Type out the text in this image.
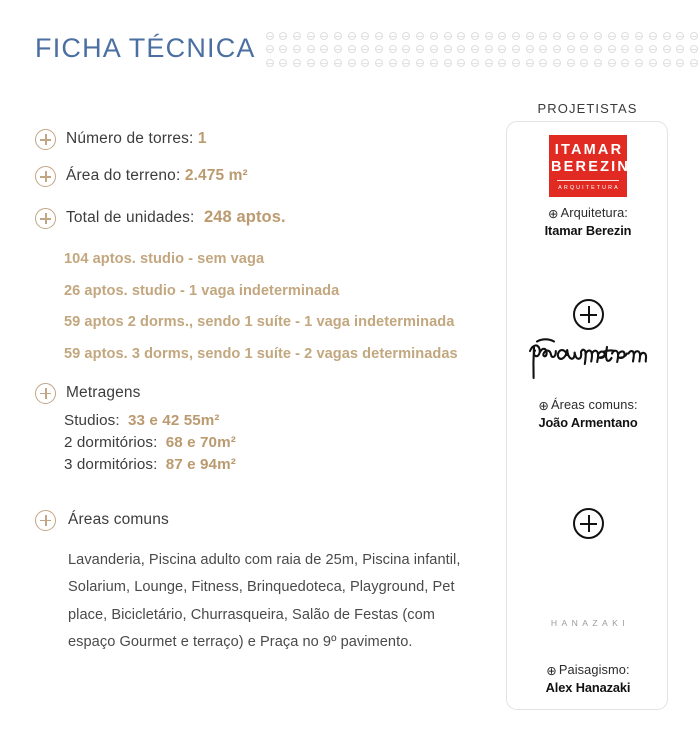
FICHA TÉCNICA
Número de torres: 1
Área do terreno: 2.475 m²
Total de unidades: 248 aptos.
104 aptos. studio - sem vaga
26 aptos. studio - 1 vaga indeterminada
59 aptos 2 dorms., sendo 1 suíte - 1 vaga indeterminada
59 aptos. 3 dorms, sendo 1 suíte - 2 vagas determinadas
Metragens
Studios: 33 e 42 55m²
2 dormitórios: 68 e 70m²
3 dormitórios: 87 e 94m²
Áreas comuns
Lavanderia, Piscina adulto com raia de 25m, Piscina infantil, Solarium, Lounge, Fitness, Brinquedoteca, Playground, Pet place, Bicicletário, Churrasqueira, Salão de Festas (com espaço Gourmet e terraço) e Praça no 9º pavimento.
PROJETISTAS
ITAMAR
BEREZIN
ARQUITETURA
⊕ Arquitetura:
Itamar Berezin
⊕ Áreas comuns:
João Armentano
HANAZAKI
⊕ Paisagismo:
Alex Hanazaki
